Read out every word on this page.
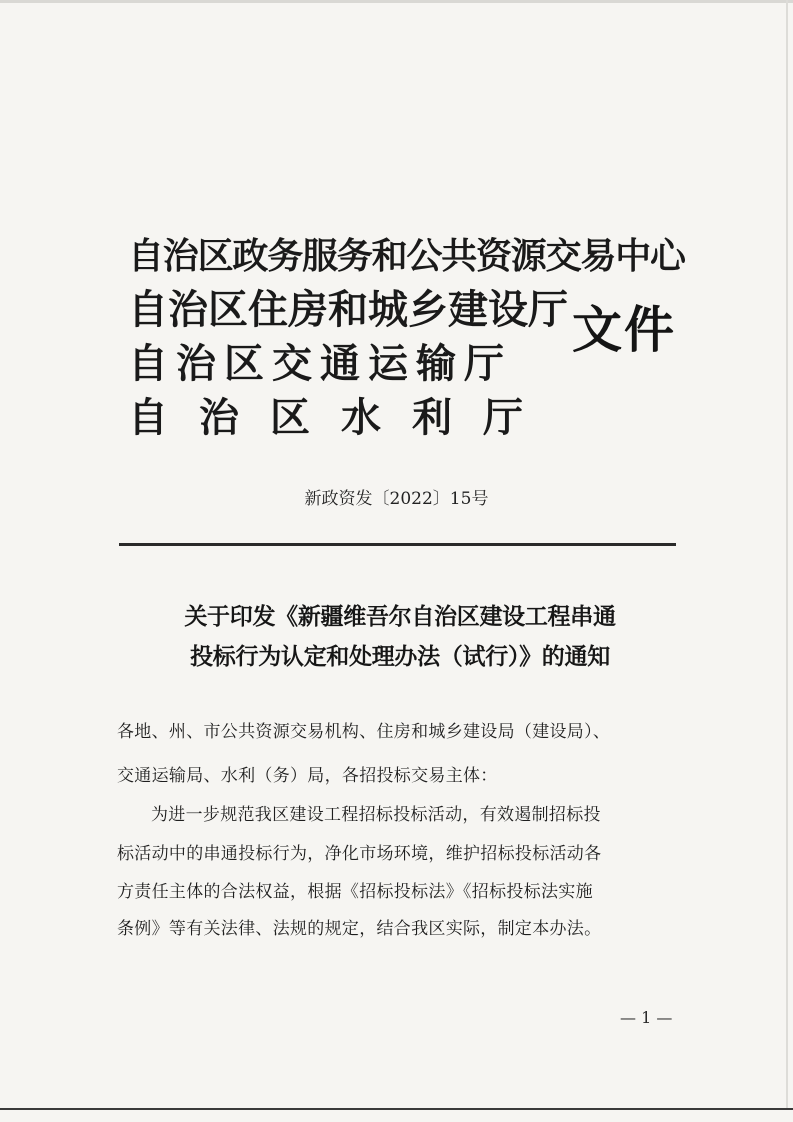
自治区政务服务和公共资源交易中心
自治区住房和城乡建设厅
自治区交通运输厅
自治区水利厅
文件
新政资发〔2022〕15号
关于印发《新疆维吾尔自治区建设工程串通
投标行为认定和处理办法（试行）》的通知
各地、州、市公共资源交易机构、住房和城乡建设局（建设局）、
交通运输局、水利（务）局，各招投标交易主体：
为进一步规范我区建设工程招标投标活动，有效遏制招标投
标活动中的串通投标行为，净化市场环境，维护招标投标活动各
方责任主体的合法权益，根据《招标投标法》《招标投标法实施
条例》等有关法律、法规的规定，结合我区实际，制定本办法。
— 1 —
